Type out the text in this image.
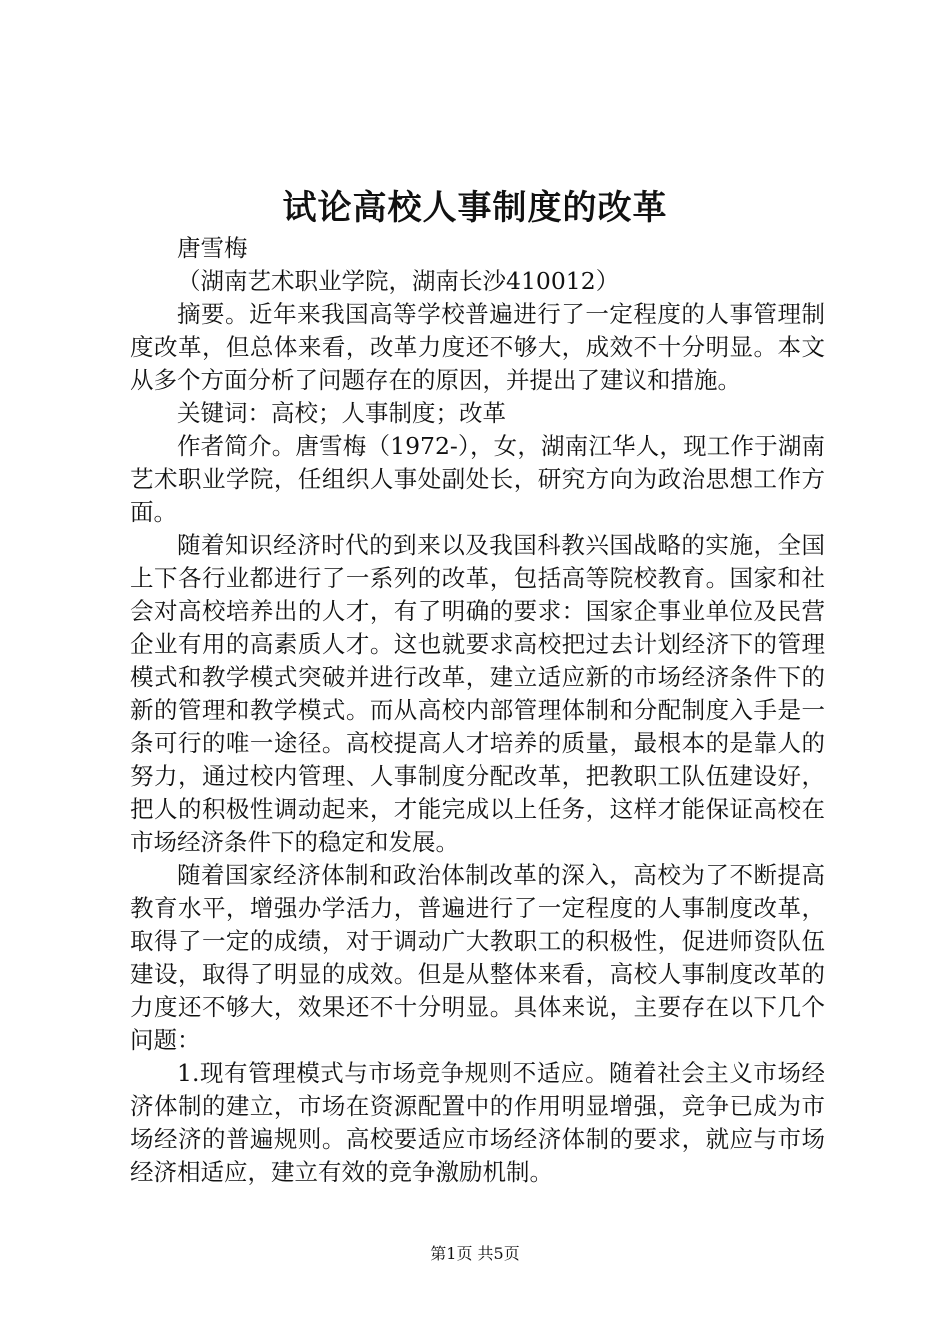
试论高校人事制度的改革

唐雪梅

（湖南艺术职业学院，湖南长沙410012）

摘要。近年来我国高等学校普遍进行了一定程度的人事管理制度改革，但总体来看，改革力度还不够大，成效不十分明显。本文从多个方面分析了问题存在的原因，并提出了建议和措施。

关键词：高校；人事制度；改革

作者简介。唐雪梅（1972-），女，湖南江华人，现工作于湖南艺术职业学院，任组织人事处副处长，研究方向为政治思想工作方面。

随着知识经济时代的到来以及我国科教兴国战略的实施，全国上下各行业都进行了一系列的改革，包括高等院校教育。国家和社会对高校培养出的人才，有了明确的要求：国家企事业单位及民营企业有用的高素质人才。这也就要求高校把过去计划经济下的管理模式和教学模式突破并进行改革，建立适应新的市场经济条件下的新的管理和教学模式。而从高校内部管理体制和分配制度入手是一条可行的唯一途径。高校提高人才培养的质量，最根本的是靠人的努力，通过校内管理、人事制度分配改革，把教职工队伍建设好，把人的积极性调动起来，才能完成以上任务，这样才能保证高校在市场经济条件下的稳定和发展。

随着国家经济体制和政治体制改革的深入，高校为了不断提高教育水平，增强办学活力，普遍进行了一定程度的人事制度改革，取得了一定的成绩，对于调动广大教职工的积极性，促进师资队伍建设，取得了明显的成效。但是从整体来看，高校人事制度改革的力度还不够大，效果还不十分明显。具体来说，主要存在以下几个问题：

1.现有管理模式与市场竞争规则不适应。随着社会主义市场经济体制的建立，市场在资源配置中的作用明显增强，竞争已成为市场经济的普遍规则。高校要适应市场经济体制的要求，就应与市场经济相适应，建立有效的竞争激励机制。

第1页 共5页
